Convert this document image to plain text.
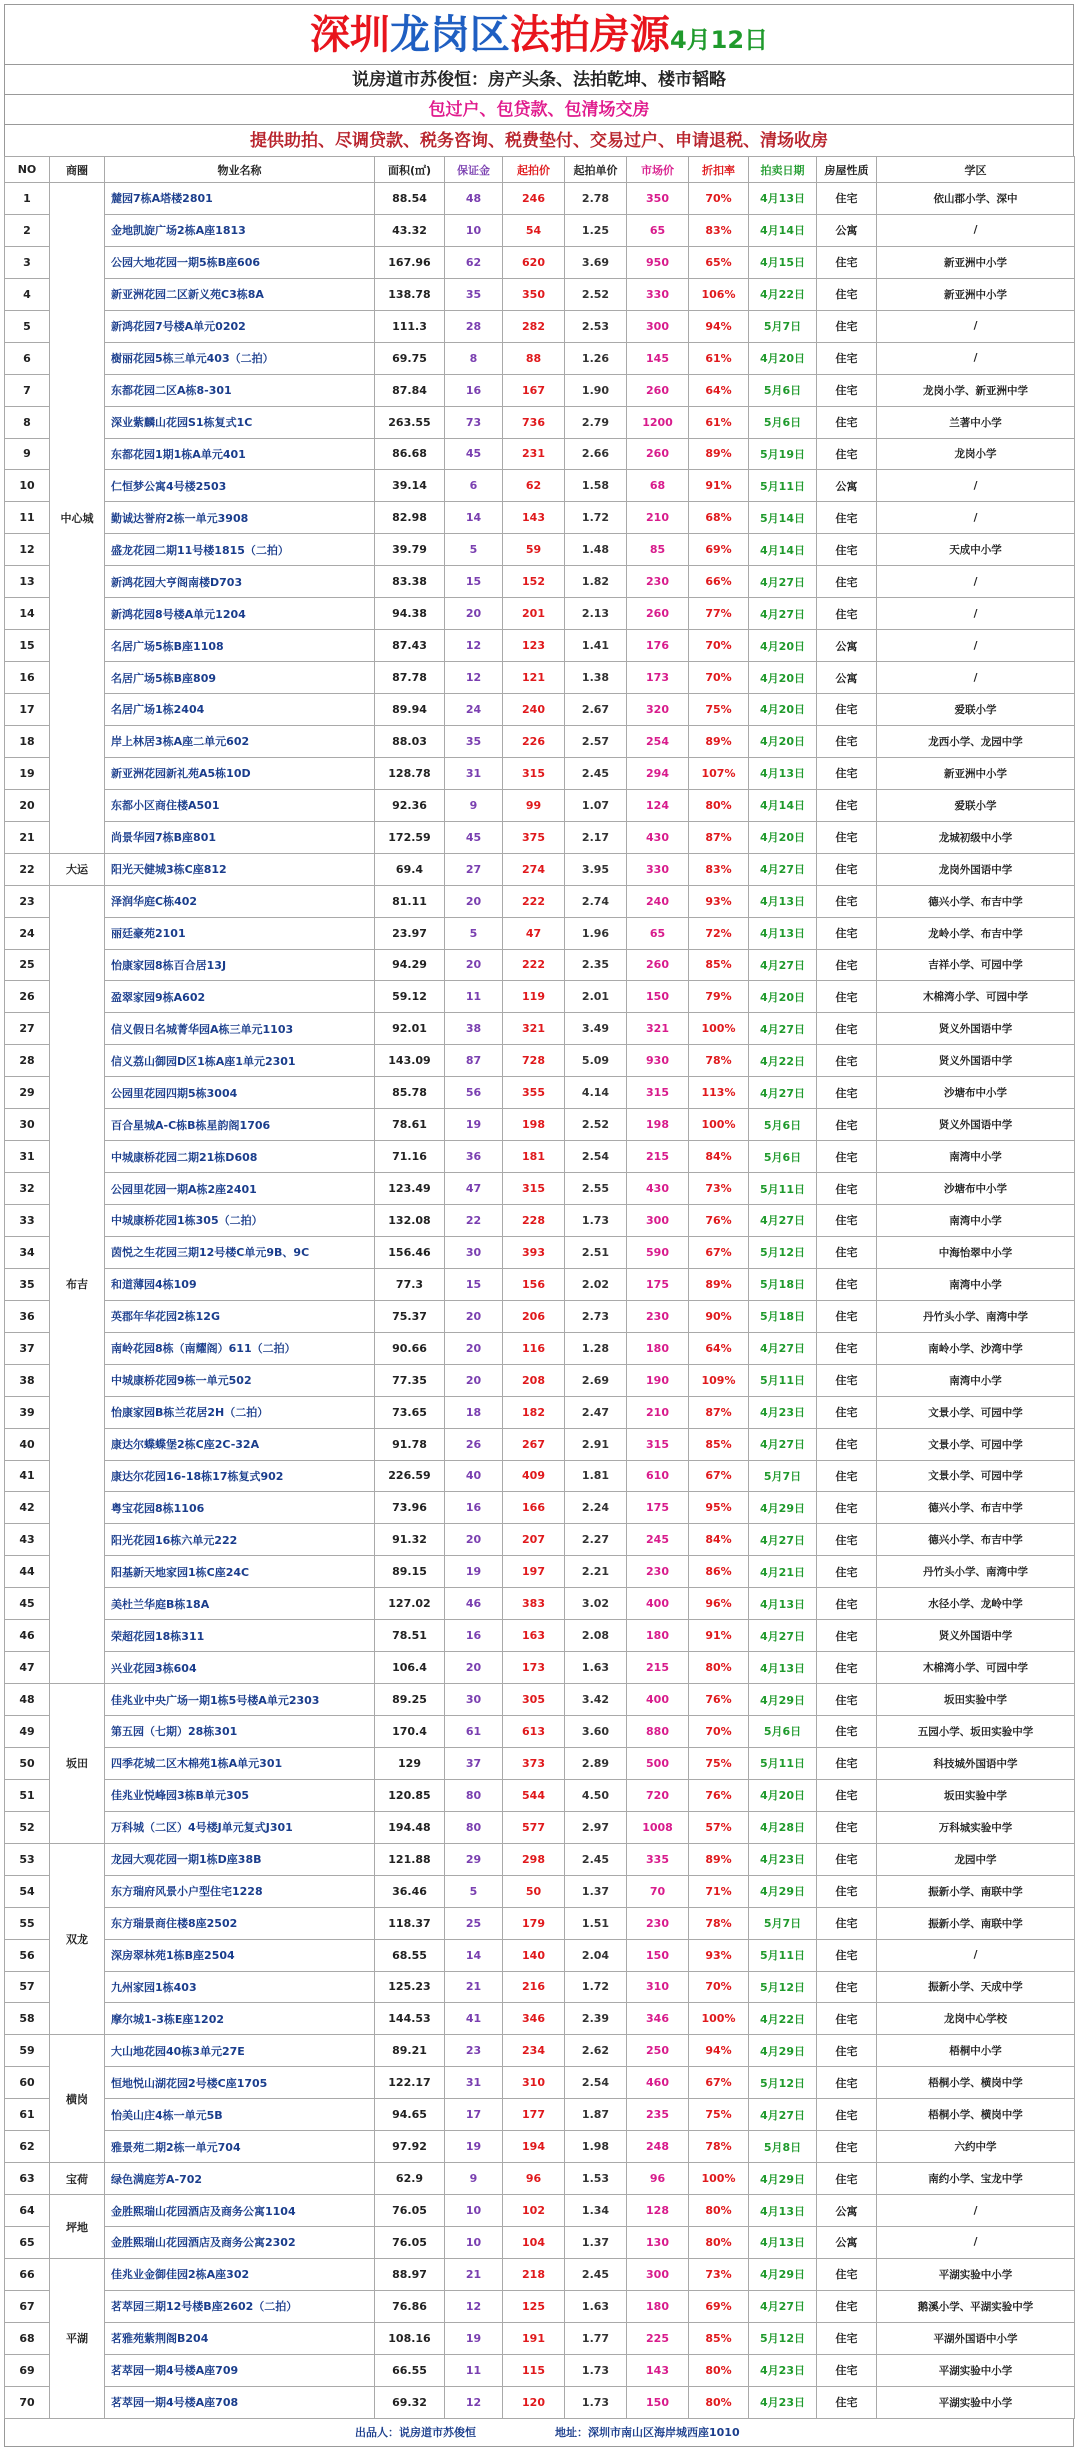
深圳龙岗区法拍房源4月12日
说房道市苏俊恒：房产头条、法拍乾坤、楼市韬略
包过户、包贷款、包清场交房
提供助拍、尽调贷款、税务咨询、税费垫付、交易过户、申请退税、清场收房
NO	商圈	物业名称	面积(㎡)	保证金	起拍价	起拍单价	市场价	折扣率	拍卖日期	房屋性质	学区
1	中心城	麓园7栋A塔楼2801	88.54	48	246	2.78	350	70%	4月13日	住宅	依山郡小学、深中
2		金地凯旋广场2栋A座1813	43.32	10	54	1.25	65	83%	4月14日	公寓	/
3		公园大地花园一期5栋B座606	167.96	62	620	3.69	950	65%	4月15日	住宅	新亚洲中小学
4		新亚洲花园二区新义苑C3栋8A	138.78	35	350	2.52	330	106%	4月22日	住宅	新亚洲中小学
5		新鸿花园7号楼A单元0202	111.3	28	282	2.53	300	94%	5月7日	住宅	/
6		樹丽花园5栋三单元403（二拍）	69.75	8	88	1.26	145	61%	4月20日	住宅	/
7		东都花园二区A栋8-301	87.84	16	167	1.90	260	64%	5月6日	住宅	龙岗小学、新亚洲中学
8		深业紫麟山花园S1栋复式1C	263.55	73	736	2.79	1200	61%	5月6日	住宅	兰著中小学
9		东都花园1期1栋A单元401	86.68	45	231	2.66	260	89%	5月19日	住宅	龙岗小学
10		仁恒梦公寓4号楼2503	39.14	6	62	1.58	68	91%	5月11日	公寓	/
11		勤诚达誉府2栋一单元3908	82.98	14	143	1.72	210	68%	5月14日	住宅	/
12		盛龙花园二期11号楼1815（二拍）	39.79	5	59	1.48	85	69%	4月14日	住宅	天成中小学
13		新鸿花园大亨阁南楼D703	83.38	15	152	1.82	230	66%	4月27日	住宅	/
14		新鸿花园8号楼A单元1204	94.38	20	201	2.13	260	77%	4月27日	住宅	/
15		名居广场5栋B座1108	87.43	12	123	1.41	176	70%	4月20日	公寓	/
16		名居广场5栋B座809	87.78	12	121	1.38	173	70%	4月20日	公寓	/
17		名居广场1栋2404	89.94	24	240	2.67	320	75%	4月20日	住宅	爱联小学
18		岸上林居3栋A座二单元602	88.03	35	226	2.57	254	89%	4月20日	住宅	龙西小学、龙园中学
19		新亚洲花园新礼苑A5栋10D	128.78	31	315	2.45	294	107%	4月13日	住宅	新亚洲中小学
20		东都小区商住楼A501	92.36	9	99	1.07	124	80%	4月14日	住宅	爱联小学
21		尚景华园7栋B座801	172.59	45	375	2.17	430	87%	4月20日	住宅	龙城初级中小学
22	大运	阳光天健城3栋C座812	69.4	27	274	3.95	330	83%	4月27日	住宅	龙岗外国语中学
23	布吉	泽润华庭C栋402	81.11	20	222	2.74	240	93%	4月13日	住宅	德兴小学、布吉中学
24		丽廷豪苑2101	23.97	5	47	1.96	65	72%	4月13日	住宅	龙岭小学、布吉中学
25		怡康家园8栋百合居13J	94.29	20	222	2.35	260	85%	4月27日	住宅	吉祥小学、可园中学
26		盈翠家园9栋A602	59.12	11	119	2.01	150	79%	4月20日	住宅	木棉湾小学、可园中学
27		信义假日名城菁华园A栋三单元1103	92.01	38	321	3.49	321	100%	4月27日	住宅	贤义外国语中学
28		信义荔山御园D区1栋A座1单元2301	143.09	87	728	5.09	930	78%	4月22日	住宅	贤义外国语中学
29		公园里花园四期5栋3004	85.78	56	355	4.14	315	113%	4月27日	住宅	沙塘布中小学
30		百合星城A-C栋B栋星韵阁1706	78.61	19	198	2.52	198	100%	5月6日	住宅	贤义外国语中学
31		中城康桥花园二期21栋D608	71.16	36	181	2.54	215	84%	5月6日	住宅	南湾中小学
32		公园里花园一期A栋2座2401	123.49	47	315	2.55	430	73%	5月11日	住宅	沙塘布中小学
33		中城康桥花园1栋305（二拍）	132.08	22	228	1.73	300	76%	4月27日	住宅	南湾中小学
34		茵悦之生花园三期12号楼C单元9B、9C	156.46	30	393	2.51	590	67%	5月12日	住宅	中海怡翠中小学
35		和道薄园4栋109	77.3	15	156	2.02	175	89%	5月18日	住宅	南湾中小学
36		英郡年华花园2栋12G	75.37	20	206	2.73	230	90%	5月18日	住宅	丹竹头小学、南湾中学
37		南岭花园8栋（南耀阁）611（二拍）	90.66	20	116	1.28	180	64%	4月27日	住宅	南岭小学、沙湾中学
38		中城康桥花园9栋一单元502	77.35	20	208	2.69	190	109%	5月11日	住宅	南湾中小学
39		怡康家园B栋兰花居2H（二拍）	73.65	18	182	2.47	210	87%	4月23日	住宅	文景小学、可园中学
40		康达尔蝶蝶堡2栋C座2C-32A	91.78	26	267	2.91	315	85%	4月27日	住宅	文景小学、可园中学
41		康达尔花园16-18栋17栋复式902	226.59	40	409	1.81	610	67%	5月7日	住宅	文景小学、可园中学
42		粤宝花园8栋1106	73.96	16	166	2.24	175	95%	4月29日	住宅	德兴小学、布吉中学
43		阳光花园16栋六单元222	91.32	20	207	2.27	245	84%	4月27日	住宅	德兴小学、布吉中学
44		阳基新天地家园1栋C座24C	89.15	19	197	2.21	230	86%	4月21日	住宅	丹竹头小学、南湾中学
45		美杜兰华庭B栋18A	127.02	46	383	3.02	400	96%	4月13日	住宅	水径小学、龙岭中学
46		荣超花园18栋311	78.51	16	163	2.08	180	91%	4月27日	住宅	贤义外国语中学
47		兴业花园3栋604	106.4	20	173	1.63	215	80%	4月13日	住宅	木棉湾小学、可园中学
48	坂田	佳兆业中央广场一期1栋5号楼A单元2303	89.25	30	305	3.42	400	76%	4月29日	住宅	坂田实验中学
49		第五园（七期）28栋301	170.4	61	613	3.60	880	70%	5月6日	住宅	五园小学、坂田实验中学
50		四季花城二区木棉苑1栋A单元301	129	37	373	2.89	500	75%	5月11日	住宅	科技城外国语中学
51		佳兆业悦峰园3栋B单元305	120.85	80	544	4.50	720	76%	4月20日	住宅	坂田实验中学
52		万科城（二区）4号楼J单元复式J301	194.48	80	577	2.97	1008	57%	4月28日	住宅	万科城实验中学
53	双龙	龙园大观花园一期1栋D座38B	121.88	29	298	2.45	335	89%	4月23日	住宅	龙园中学
54		东方瑞府风景小户型住宅1228	36.46	5	50	1.37	70	71%	4月29日	住宅	振新小学、南联中学
55		东方瑞景商住楼8座2502	118.37	25	179	1.51	230	78%	5月7日	住宅	振新小学、南联中学
56		深房翠林苑1栋B座2504	68.55	14	140	2.04	150	93%	5月11日	住宅	/
57		九州家园1栋403	125.23	21	216	1.72	310	70%	5月12日	住宅	振新小学、天成中学
58		摩尔城1-3栋E座1202	144.53	41	346	2.39	346	100%	4月22日	住宅	龙岗中心学校
59	横岗	大山地花园40栋3单元27E	89.21	23	234	2.62	250	94%	4月29日	住宅	梧桐中小学
60		恒地悦山湖花园2号楼C座1705	122.17	31	310	2.54	460	67%	5月12日	住宅	梧桐小学、横岗中学
61		怡美山庄4栋一单元5B	94.65	17	177	1.87	235	75%	4月27日	住宅	梧桐小学、横岗中学
62		雅景苑二期2栋一单元704	97.92	19	194	1.98	248	78%	5月8日	住宅	六约中学
63	宝荷	绿色满庭芳A-702	62.9	9	96	1.53	96	100%	4月29日	住宅	南约小学、宝龙中学
64	坪地	金胜熙瑞山花园酒店及商务公寓1104	76.05	10	102	1.34	128	80%	4月13日	公寓	/
65		金胜熙瑞山花园酒店及商务公寓2302	76.05	10	104	1.37	130	80%	4月13日	公寓	/
66	平湖	佳兆业金御佳园2栋A座302	88.97	21	218	2.45	300	73%	4月29日	住宅	平湖实验中小学
67		茗萃园三期12号楼B座2602（二拍）	76.86	12	125	1.63	180	69%	4月27日	住宅	鹅溪小学、平湖实验中学
68		茗雅苑紫荆阁B204	108.16	19	191	1.77	225	85%	5月12日	住宅	平湖外国语中小学
69		茗萃园一期4号楼A座709	66.55	11	115	1.73	143	80%	4月23日	住宅	平湖实验中小学
70		茗萃园一期4号楼A座708	69.32	12	120	1.73	150	80%	4月23日	住宅	平湖实验中小学
出品人：说房道市苏俊恒	地址：深圳市南山区海岸城西座1010
